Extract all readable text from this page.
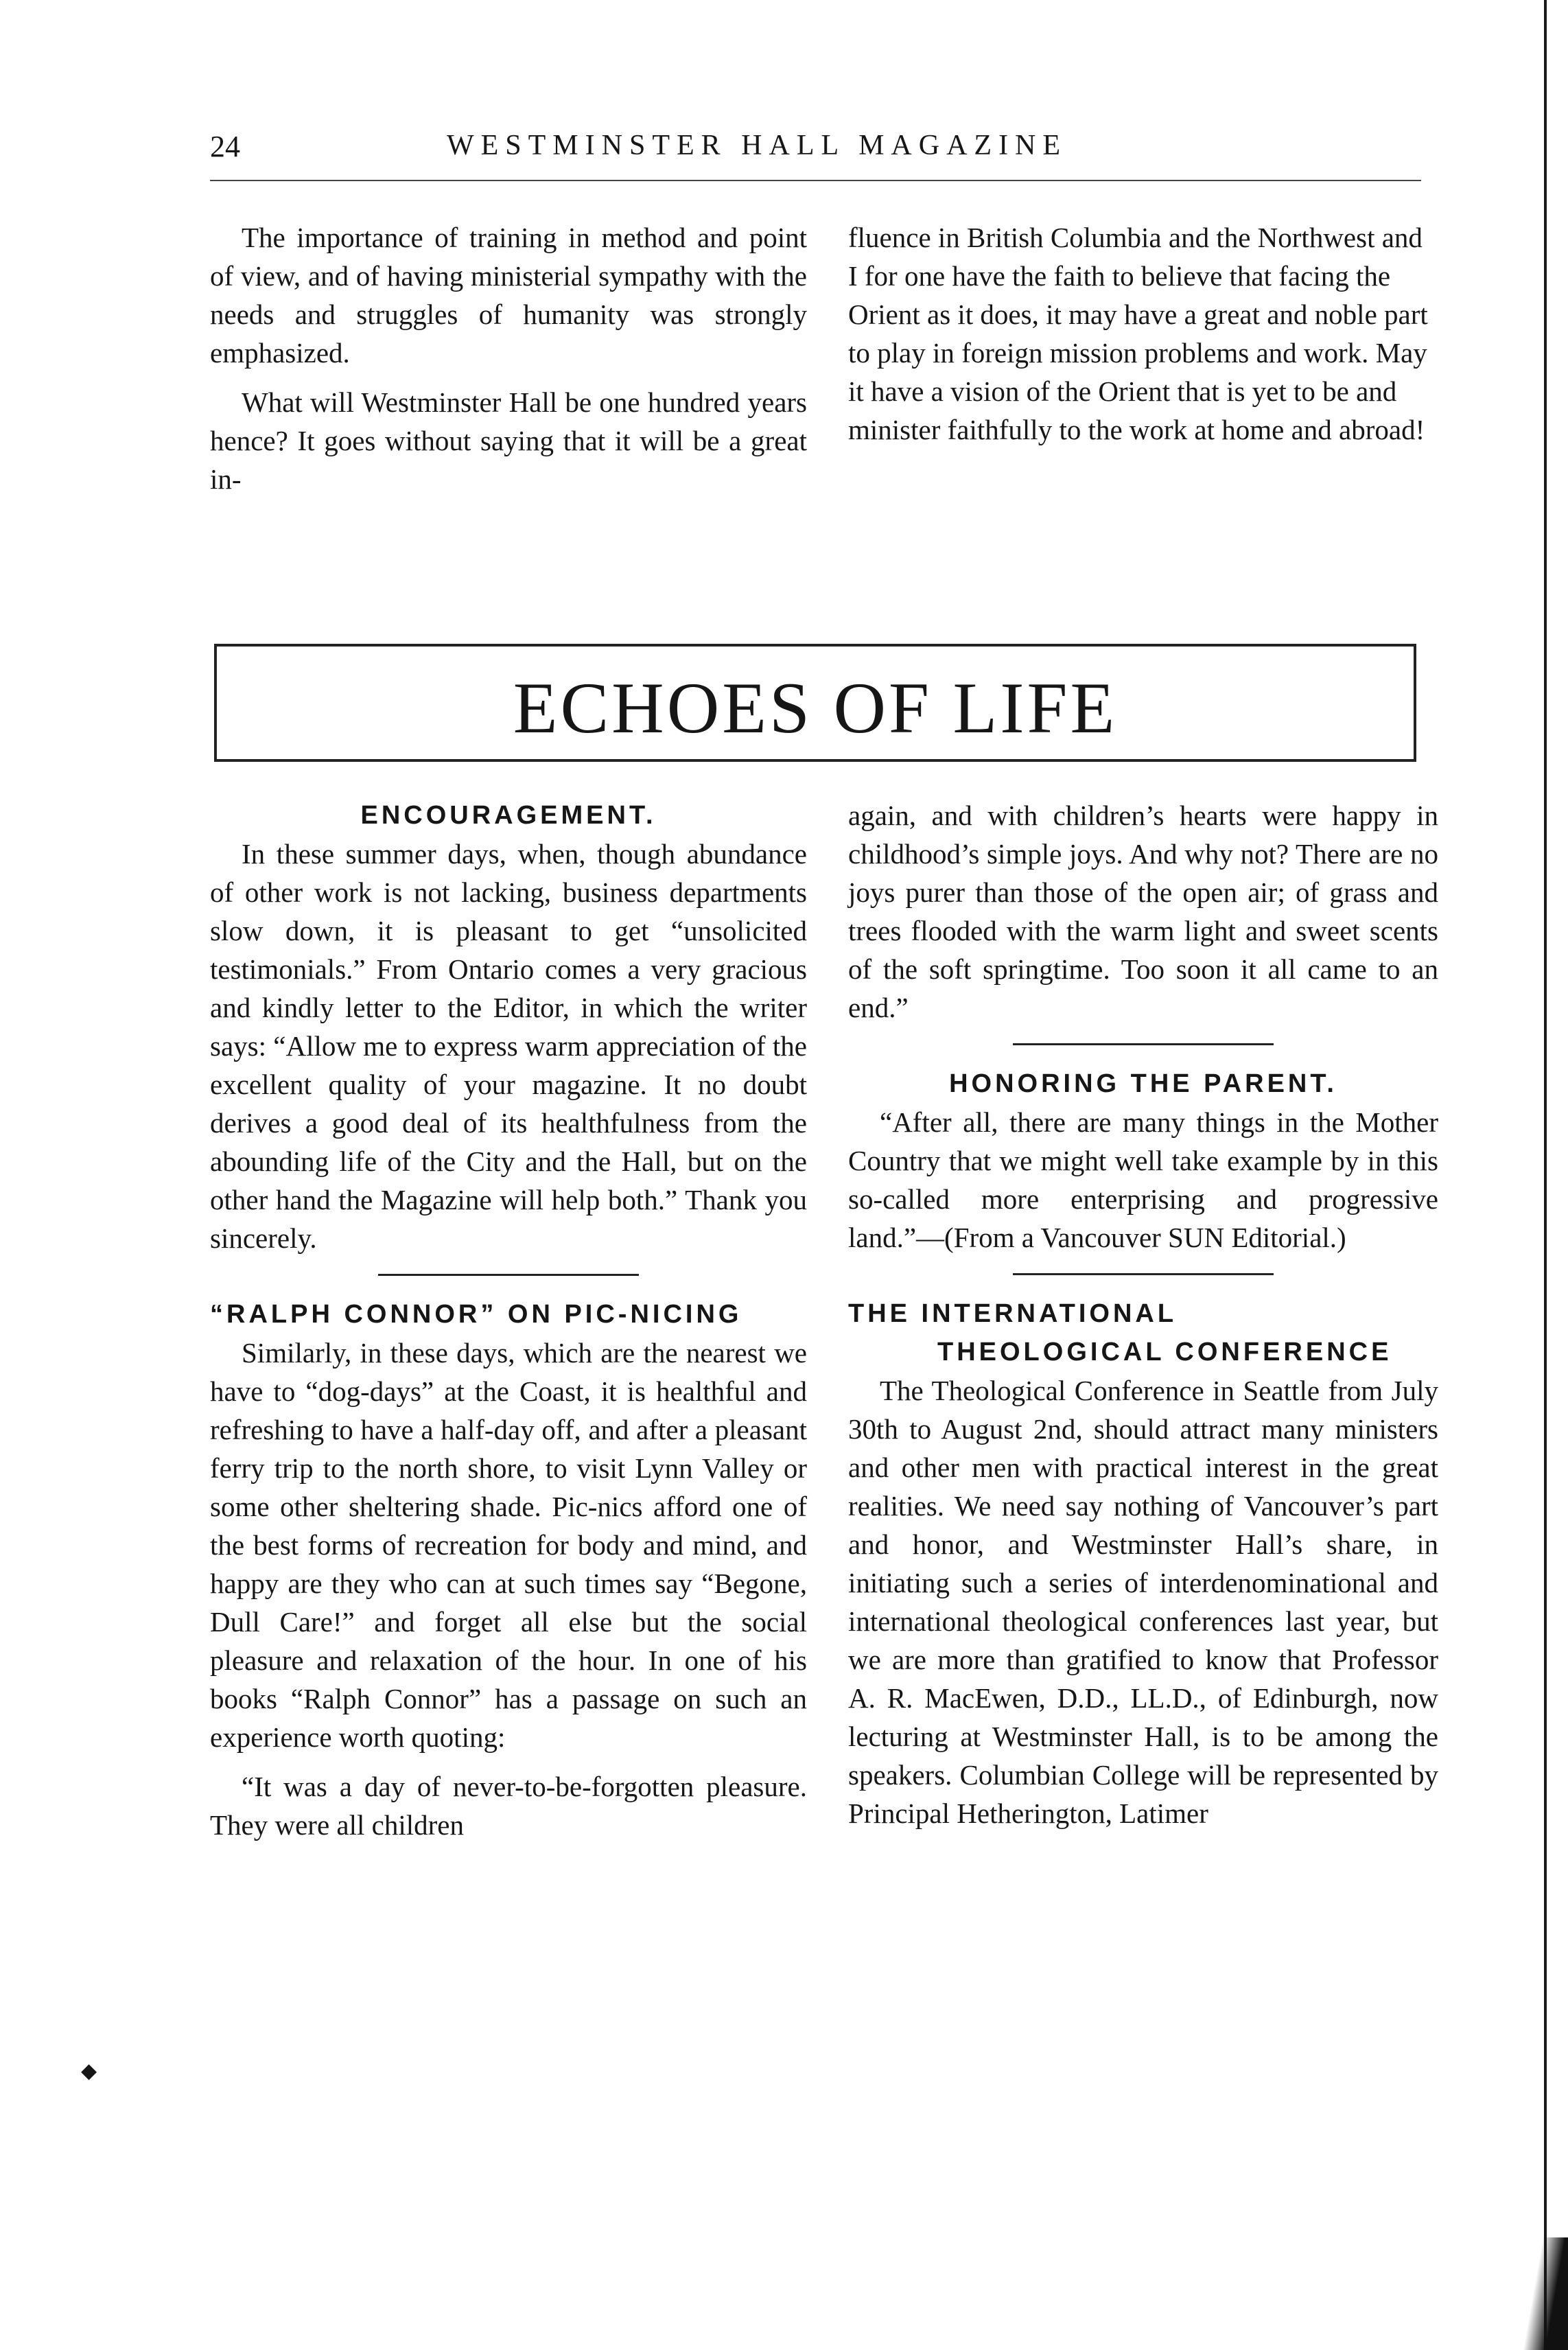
24	WESTMINSTER HALL MAGAZINE

The importance of training in method and point of view, and of having ministerial sympathy with the needs and struggles of humanity was strongly emphasized.

What will Westminster Hall be one hundred years hence? It goes without saying that it will be a great in-

fluence in British Columbia and the Northwest and I for one have the faith to believe that facing the Orient as it does, it may have a great and noble part to play in foreign mission problems and work. May it have a vision of the Orient that is yet to be and minister faithfully to the work at home and abroad!

ECHOES OF LIFE
ENCOURAGEMENT.

In these summer days, when, though abundance of other work is not lacking, business departments slow down, it is pleasant to get “unsolicited testimonials.” From Ontario comes a very gracious and kindly letter to the Editor, in which the writer says: “Allow me to express warm appreciation of the excellent quality of your magazine. It no doubt derives a good deal of its healthfulness from the abounding life of the City and the Hall, but on the other hand the Magazine will help both.” Thank you sincerely.

“RALPH CONNOR” ON PIC-NICING

Similarly, in these days, which are the nearest we have to “dog-days” at the Coast, it is healthful and refreshing to have a half-day off, and after a pleasant ferry trip to the north shore, to visit Lynn Valley or some other sheltering shade. Pic-nics afford one of the best forms of recreation for body and mind, and happy are they who can at such times say “Begone, Dull Care!” and forget all else but the social pleasure and relaxation of the hour. In one of his books “Ralph Connor” has a passage on such an experience worth quoting:

“It was a day of never-to-be-forgotten pleasure. They were all children

again, and with children’s hearts were happy in childhood’s simple joys. And why not? There are no joys purer than those of the open air; of grass and trees flooded with the warm light and sweet scents of the soft springtime. Too soon it all came to an end.”

HONORING THE PARENT.

“After all, there are many things in the Mother Country that we might well take example by in this so-called more enterprising and progressive land.”—(From a Vancouver SUN Editorial.)

THE INTERNATIONAL
THEOLOGICAL CONFERENCE

The Theological Conference in Seattle from July 30th to August 2nd, should attract many ministers and other men with practical interest in the great realities. We need say nothing of Vancouver’s part and honor, and Westminster Hall’s share, in initiating such a series of interdenominational and international theological conferences last year, but we are more than gratified to know that Professor A. R. MacEwen, D.D., LL.D., of Edinburgh, now lecturing at Westminster Hall, is to be among the speakers. Columbian College will be represented by Principal Hetherington, Latimer

◆
